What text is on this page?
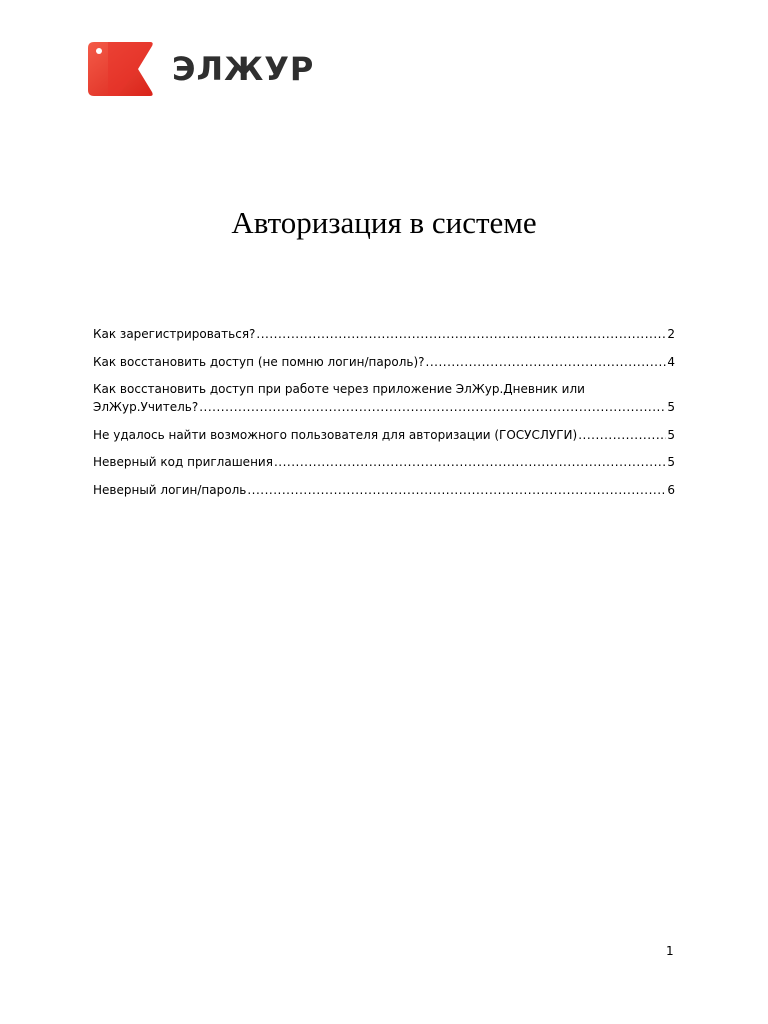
ЭЛЖУР
Авторизация в системе
Как зарегистрироваться? .....	2
Как восстановить доступ (не помню логин/пароль)? .....	4
Как восстановить доступ при работе через приложение ЭлЖур.Дневник или
ЭлЖур.Учитель? .....	5
Не удалось найти возможного пользователя для авторизации (ГОСУСЛУГИ) .....	5
Неверный код приглашения .....	5
Неверный логин/пароль .....	6
1
